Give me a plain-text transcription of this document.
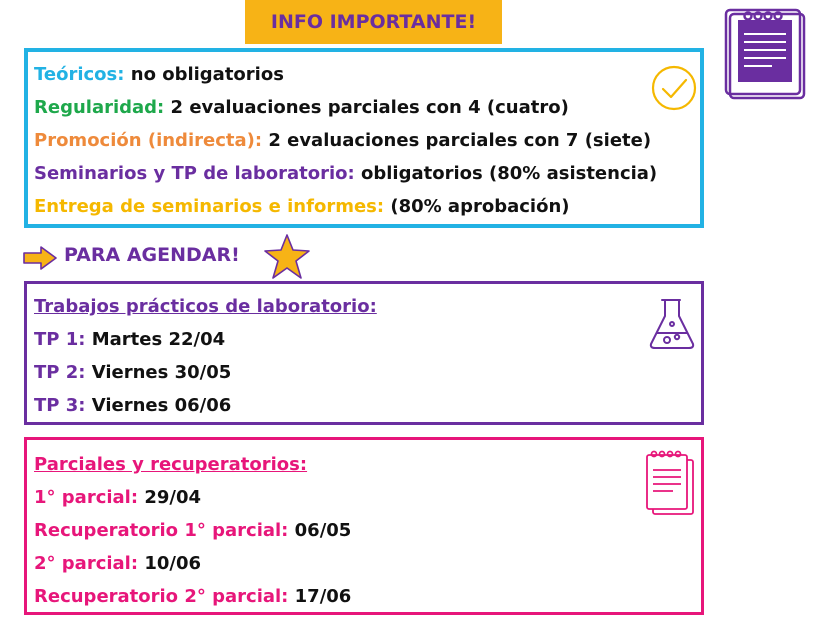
INFO IMPORTANTE!
Teóricos: no obligatorios
Regularidad: 2 evaluaciones parciales con 4 (cuatro)
Promoción (indirecta): 2 evaluaciones parciales con 7 (siete)
Seminarios y TP de laboratorio: obligatorios (80% asistencia)
Entrega de seminarios e informes: (80% aprobación)
PARA AGENDAR!
Trabajos prácticos de laboratorio:
TP 1: Martes 22/04
TP 2: Viernes 30/05
TP 3: Viernes 06/06
Parciales y recuperatorios:
1° parcial: 29/04
Recuperatorio 1° parcial: 06/05
2° parcial: 10/06
Recuperatorio 2° parcial: 17/06
